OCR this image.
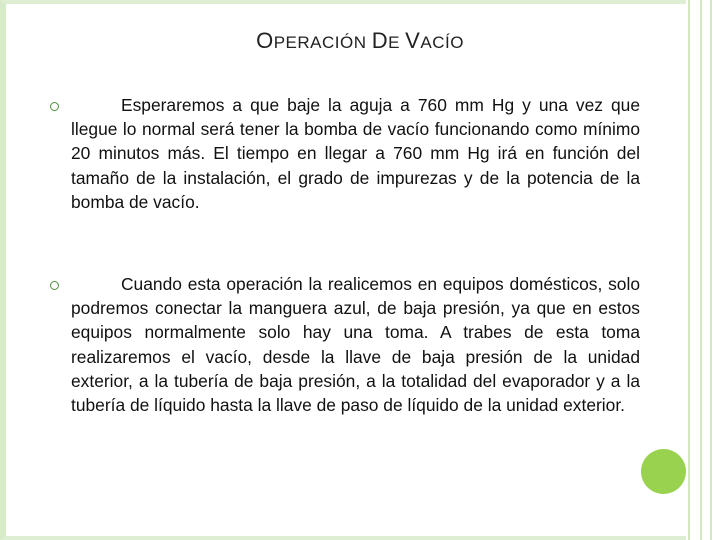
OPERACIÓN DE VACÍO

Esperaremos a que baje la aguja a 760 mm Hg y una vez que llegue lo normal será tener la bomba de vacío funcionando como mínimo 20 minutos más. El tiempo en llegar a 760 mm Hg irá en función del tamaño de la instalación, el grado de impurezas y de la potencia de la bomba de vacío.

Cuando esta operación la realicemos en equipos domésticos, solo podremos conectar la manguera azul, de baja presión, ya que en estos equipos normalmente solo hay una toma. A trabes de esta toma realizaremos el vacío, desde la llave de baja presión de la unidad exterior, a la tubería de baja presión, a la totalidad del evaporador y a la tubería de líquido hasta la llave de paso de líquido de la unidad exterior.
